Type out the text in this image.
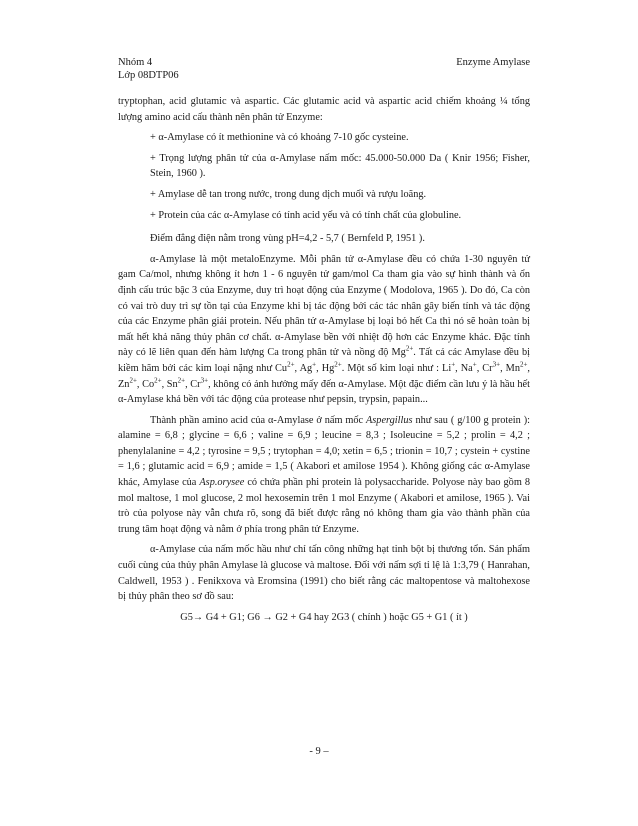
Nhóm 4
Lớp 08DTP06
Enzyme Amylase

tryptophan, acid glutamic và aspartic. Các glutamic acid và aspartic acid chiếm khoảng ¼ tổng lượng amino acid cấu thành nên phân tử Enzyme:

+ α-Amylase có ít methionine và có khoảng 7-10 gốc cysteine.

+ Trọng lượng phân tử của α-Amylase nấm mốc: 45.000-50.000 Da ( Knir 1956; Fisher, Stein, 1960 ).

+ Amylase dễ tan trong nước, trong dung dịch muối và rượu loãng.

+ Protein của các α-Amylase có tính acid yếu và có tính chất của globuline.

Điểm đẳng điện nằm trong vùng pH=4,2 - 5,7 ( Bernfeld P, 1951 ).

α-Amylase là một metaloEnzyme. Mỗi phân tử α-Amylase đều có chứa 1-30 nguyên tử gam Ca/mol, nhưng không ít hơn 1 - 6 nguyên tử gam/mol Ca tham gia vào sự hình thành và ổn định cấu trúc bậc 3 của Enzyme, duy trì hoạt động của Enzyme ( Modolova, 1965 ). Do đó, Ca còn có vai trò duy trì sự tồn tại của Enzyme khi bị tác động bởi các tác nhân gây biến tính và tác động của các Enzyme phân giải protein. Nếu phân tử α-Amylase bị loại bỏ hết Ca thì nó sẽ hoàn toàn bị mất hết khả năng thủy phân cơ chất. α-Amylase bền với nhiệt độ hơn các Enzyme khác. Đặc tính này có lẽ liên quan đến hàm lượng Ca trong phân tử và nồng độ $Mg^{2+}$. Tất cả các Amylase đều bị kiềm hãm bởi các kim loại nặng như $Cu^{2+}$, Ag+, $Hg^{2+}$. Một số kim loại như : Li+, Na+, $Cr^{3+}$, $Mn^{2+}$, $Zn^{2+}$, $Co^{2+}$, $Sn^{2+}$, $Cr^{3+}$, không có ảnh hưởng mấy đến α-Amylase. Một đặc điểm cần lưu ý là hầu hết α-Amylase khá bền với tác động của protease như pepsin, trypsin, papain...

Thành phần amino acid của α-Amylase ở nấm mốc Aspergillus như sau ( g/100 g protein ): alamine = 6,8 ; glycine = 6,6 ; valine = 6,9 ; leucine = 8,3 ; Isoleucine = 5,2 ; prolin = 4,2 ; phenylalanine = 4,2 ; tyrosine = 9,5 ; trytophan = 4,0; xetin = 6,5 ; trionin = 10,7 ; cystein + cystine = 1,6 ; glutamic acid = 6,9 ; amide = 1,5 ( Akabori et amilose 1954 ). Không giống các α-Amylase khác, Amylase của Asp.orysee có chứa phần phi protein là polysaccharide. Polyose này bao gồm 8 mol maltose, 1 mol glucose, 2 mol hexosemin trên 1 mol Enzyme ( Akabori et amilose, 1965 ). Vai trò của polyose này vẫn chưa rõ, song đã biết được rằng nó không tham gia vào thành phần của trung tâm hoạt động và nằm ở phía trong phân tử Enzyme.

α-Amylase của nấm mốc hầu như chỉ tấn công những hạt tinh bột bị thương tổn. Sản phẩm cuối cùng của thủy phân Amylase là glucose và maltose. Đối với nấm sợi tỉ lệ là 1:3,79 ( Hanrahan, Caldwell, 1953 ) . Fenikxova và Eromsina (1991) cho biết rằng các maltopentose và maltohexose bị thủy phân theo sơ đồ sau:

G5→ G4 + G1; G6 → G2 + G4 hay 2G3 ( chính ) hoặc G5 + G1 ( ít )

- 9 –
